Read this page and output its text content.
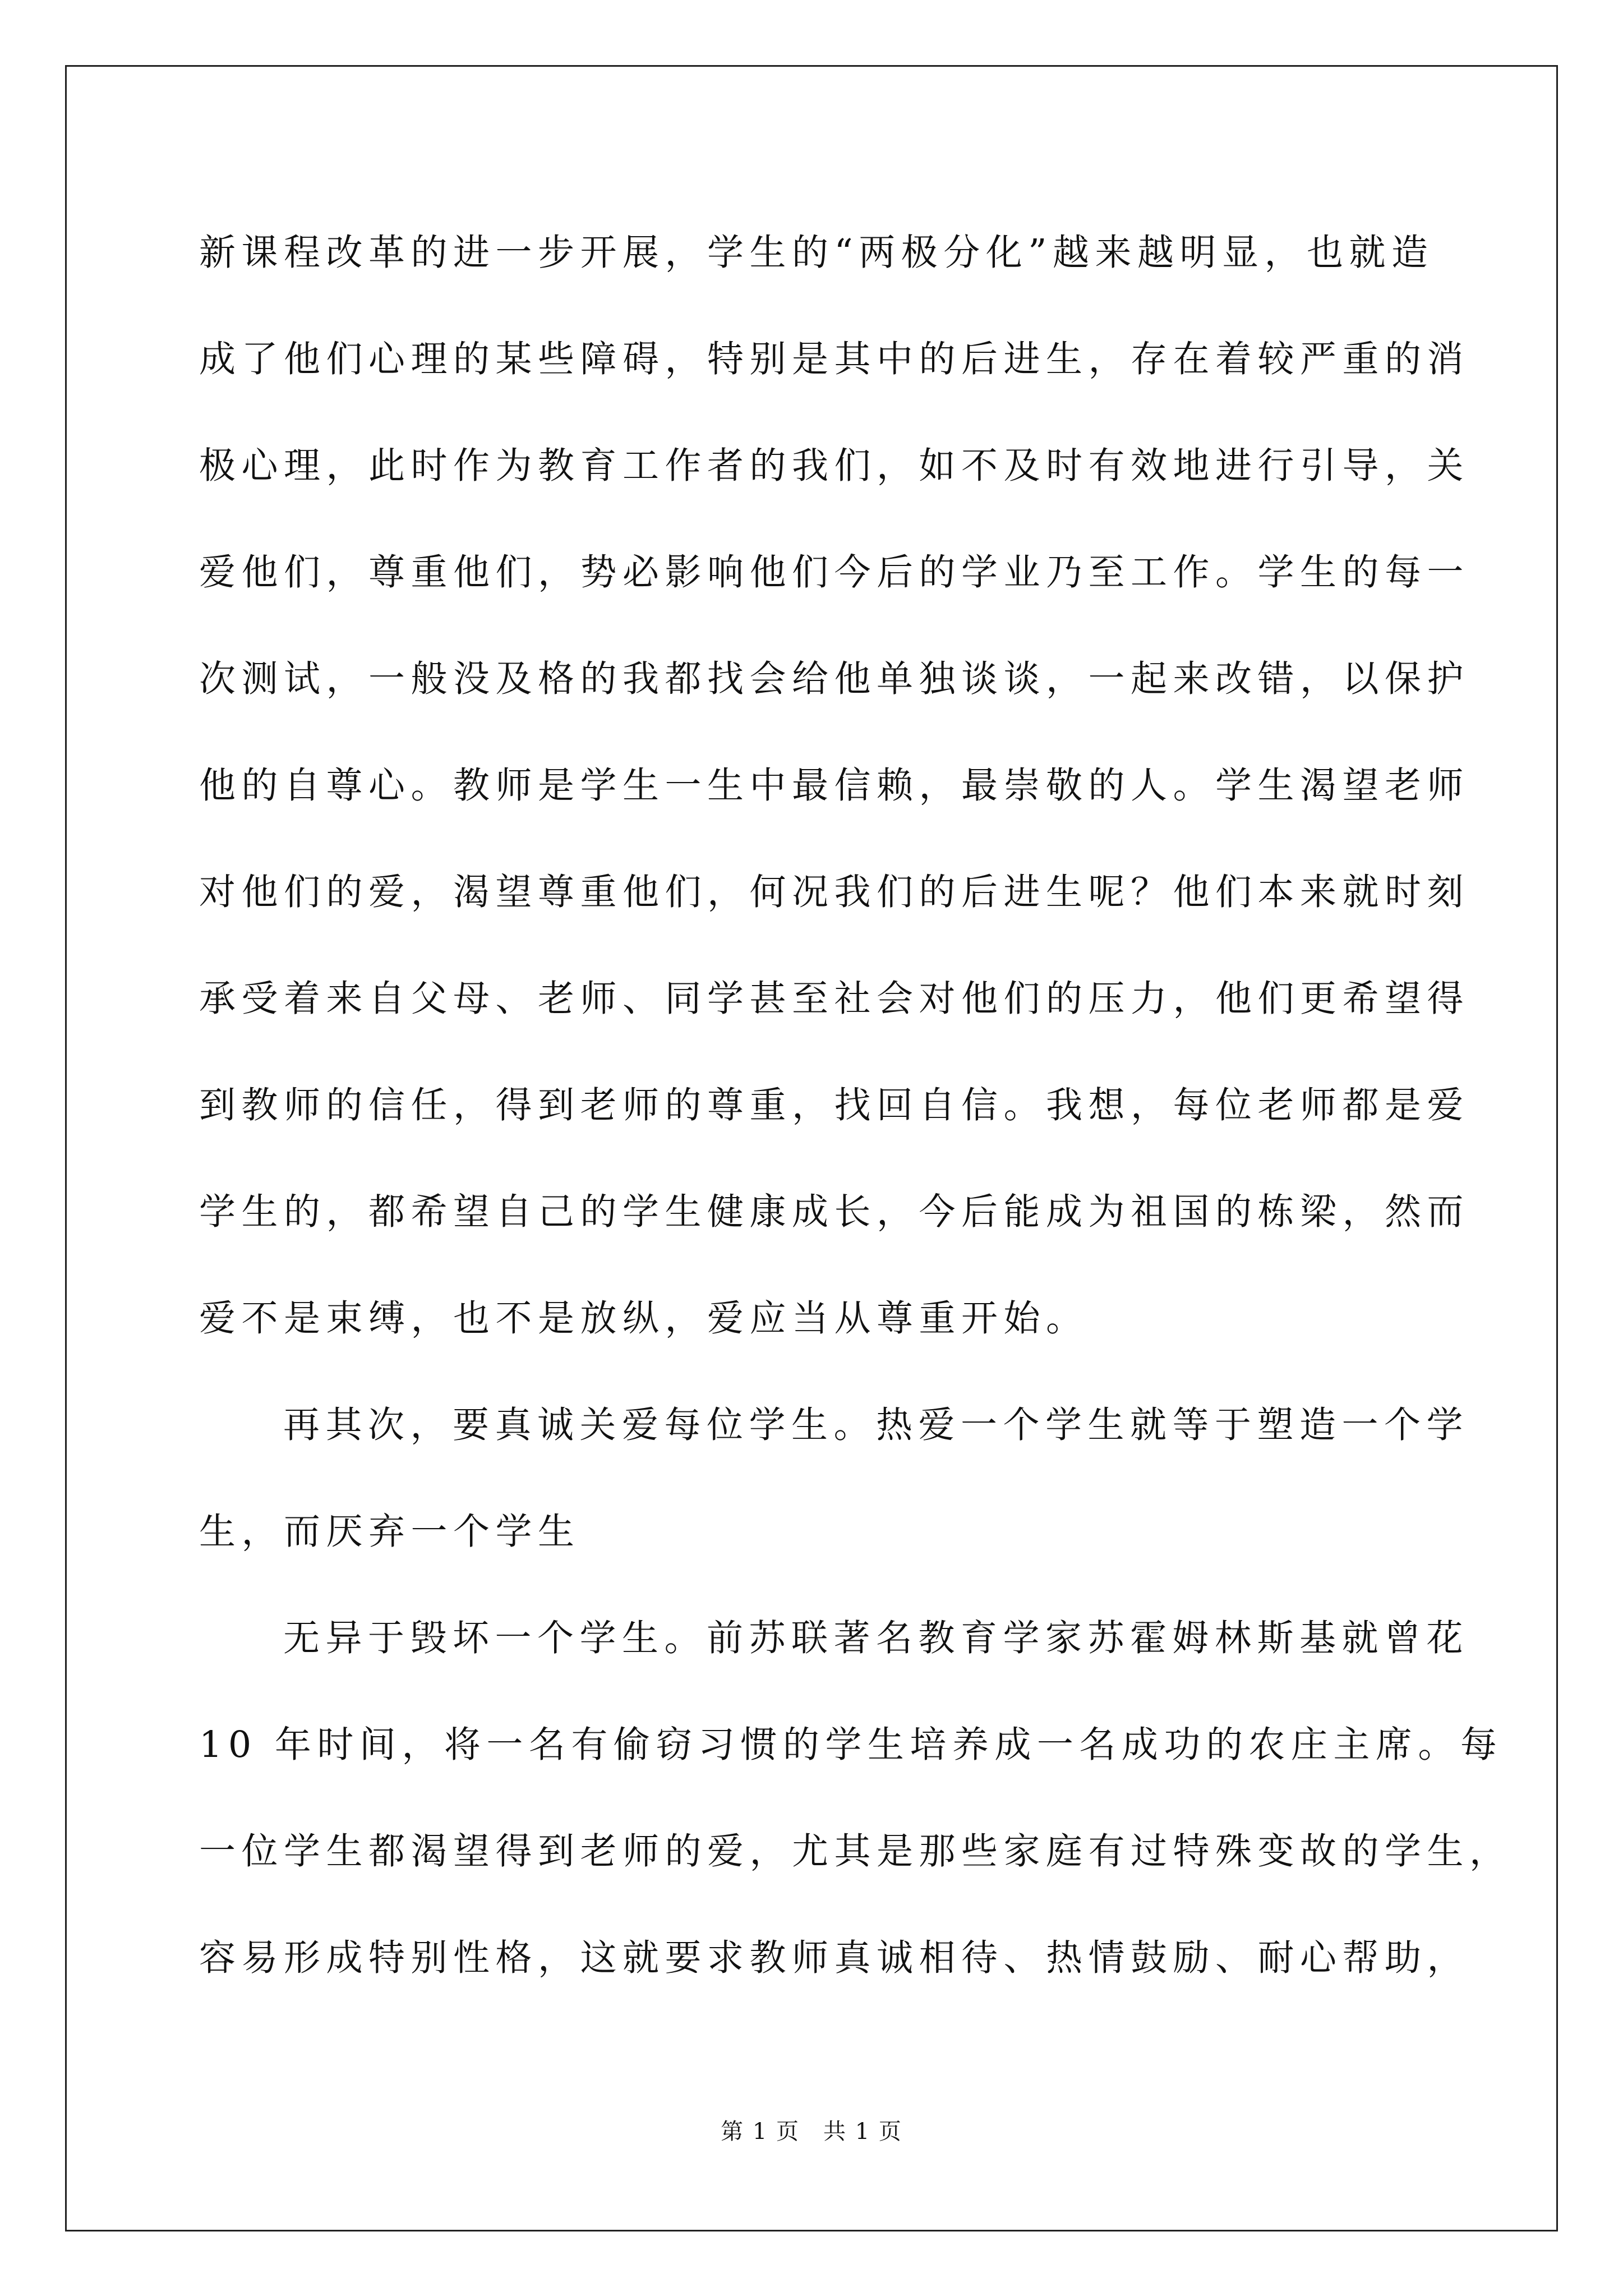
新课程改革的进一步开展，学生的“两极分化”越来越明显，也就造

成了他们心理的某些障碍，特别是其中的后进生，存在着较严重的消

极心理，此时作为教育工作者的我们，如不及时有效地进行引导，关

爱他们，尊重他们，势必影响他们今后的学业乃至工作。学生的每一

次测试，一般没及格的我都找会给他单独谈谈，一起来改错，以保护

他的自尊心。教师是学生一生中最信赖，最崇敬的人。学生渴望老师

对他们的爱，渴望尊重他们，何况我们的后进生呢？他们本来就时刻

承受着来自父母、老师、同学甚至社会对他们的压力，他们更希望得

到教师的信任，得到老师的尊重，找回自信。我想，每位老师都是爱

学生的，都希望自己的学生健康成长，今后能成为祖国的栋梁，然而

爱不是束缚，也不是放纵，爱应当从尊重开始。

再其次，要真诚关爱每位学生。热爱一个学生就等于塑造一个学

生，而厌弃一个学生

无异于毁坏一个学生。前苏联著名教育学家苏霍姆林斯基就曾花

10 年时间，将一名有偷窃习惯的学生培养成一名成功的农庄主席。每

一位学生都渴望得到老师的爱，尤其是那些家庭有过特殊变故的学生，

容易形成特别性格，这就要求教师真诚相待、热情鼓励、耐心帮助，

第 1 页　共 1 页
